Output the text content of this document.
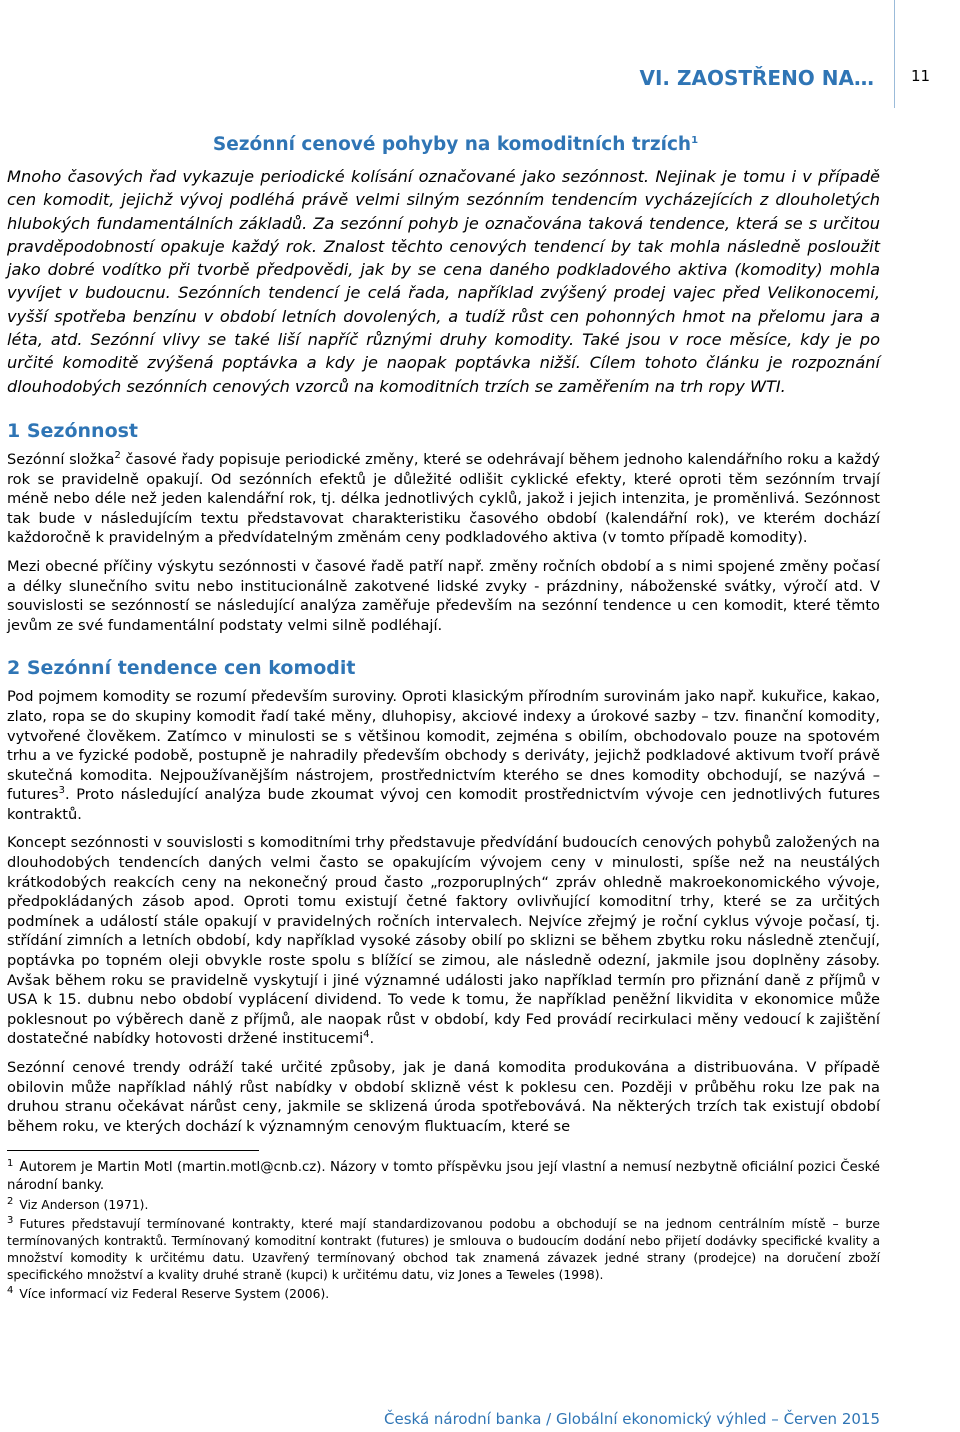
VI. ZAOSTŘENO NA… 11
Sezónní cenové pohyby na komoditních trzích$^1$

Mnoho časových řad vykazuje periodické kolísání označované jako sezónnost. Nejinak je tomu i v případě cen komodit, jejichž vývoj podléhá právě velmi silným sezónním tendencím vycházejících z dlouholetých hlubokých fundamentálních základů. Za sezónní pohyb je označována taková tendence, která se s určitou pravděpodobností opakuje každý rok. Znalost těchto cenových tendencí by tak mohla následně posloužit jako dobré vodítko při tvorbě předpovědi, jak by se cena daného podkladového aktiva (komodity) mohla vyvíjet v budoucnu. Sezónních tendencí je celá řada, například zvýšený prodej vajec před Velikonocemi, vyšší spotřeba benzínu v období letních dovolených, a tudíž růst cen pohonných hmot na přelomu jara a léta, atd. Sezónní vlivy se také liší napříč různými druhy komodity. Také jsou v roce měsíce, kdy je po určité komoditě zvýšená poptávka a kdy je naopak poptávka nižší. Cílem tohoto článku je rozpoznání dlouhodobých sezónních cenových vzorců na komoditních trzích se zaměřením na trh ropy WTI.

1 Sezónnost

Sezónní složka$^2$ časové řady popisuje periodické změny, které se odehrávají během jednoho kalendářního roku a každý rok se pravidelně opakují. Od sezónních efektů je důležité odlišit cyklické efekty, které oproti těm sezónním trvají méně nebo déle než jeden kalendářní rok, tj. délka jednotlivých cyklů, jakož i jejich intenzita, je proměnlivá. Sezónnost tak bude v následujícím textu představovat charakteristiku časového období (kalendářní rok), ve kterém dochází každoročně k pravidelným a předvídatelným změnám ceny podkladového aktiva (v tomto případě komodity).

Mezi obecné příčiny výskytu sezónnosti v časové řadě patří např. změny ročních období a s nimi spojené změny počasí a délky slunečního svitu nebo institucionálně zakotvené lidské zvyky - prázdniny, náboženské svátky, výročí atd. V souvislosti se sezónností se následující analýza zaměřuje především na sezónní tendence u cen komodit, které těmto jevům ze své fundamentální podstaty velmi silně podléhají.

2 Sezónní tendence cen komodit

Pod pojmem komodity se rozumí především suroviny. Oproti klasickým přírodním surovinám jako např. kukuřice, kakao, zlato, ropa se do skupiny komodit řadí také měny, dluhopisy, akciové indexy a úrokové sazby – tzv. finanční komodity, vytvořené člověkem. Zatímco v minulosti se s většinou komodit, zejména s obilím, obchodovalo pouze na spotovém trhu a ve fyzické podobě, postupně je nahradily především obchody s deriváty, jejichž podkladové aktivum tvoří právě skutečná komodita. Nejpoužívanějším nástrojem, prostřednictvím kterého se dnes komodity obchodují, se nazývá – futures$^3$. Proto následující analýza bude zkoumat vývoj cen komodit prostřednictvím vývoje cen jednotlivých futures kontraktů.

Koncept sezónnosti v souvislosti s komoditními trhy představuje předvídání budoucích cenových pohybů založených na dlouhodobých tendencích daných velmi často se opakujícím vývojem ceny v minulosti, spíše než na neustálých krátkodobých reakcích ceny na nekonečný proud často „rozporuplných“ zpráv ohledně makroekonomického vývoje, předpokládaných zásob apod. Oproti tomu existují četné faktory ovlivňující komoditní trhy, které se za určitých podmínek a událostí stále opakují v pravidelných ročních intervalech. Nejvíce zřejmý je roční cyklus vývoje počasí, tj. střídání zimních a letních období, kdy například vysoké zásoby obilí po sklizni se během zbytku roku následně ztenčují, poptávka po topném oleji obvykle roste spolu s blížící se zimou, ale následně odezní, jakmile jsou doplněny zásoby. Avšak během roku se pravidelně vyskytují i jiné významné události jako například termín pro přiznání daně z příjmů v USA k 15. dubnu nebo období vyplácení dividend. To vede k tomu, že například peněžní likvidita v ekonomice může poklesnout po výběrech daně z příjmů, ale naopak růst v období, kdy Fed provádí recirkulaci měny vedoucí k zajištění dostatečné nabídky hotovosti držené institucemi$^4$.

Sezónní cenové trendy odráží také určité způsoby, jak je daná komodita produkována a distribuována. V případě obilovin může například náhlý růst nabídky v období sklizně vést k poklesu cen. Později v průběhu roku lze pak na druhou stranu očekávat nárůst ceny, jakmile se sklizená úroda spotřebovává. Na některých trzích tak existují období během roku, ve kterých dochází k významným cenovým fluktuacím, které se

$^1$ Autorem je Martin Motl (martin.motl@cnb.cz). Názory v tomto příspěvku jsou její vlastní a nemusí nezbytně oficiální pozici České národní banky.

$^2$ Viz Anderson (1971).

$^3$ Futures představují termínované kontrakty, které mají standardizovanou podobu a obchodují se na jednom centrálním místě – burze termínovaných kontraktů. Termínovaný komoditní kontrakt (futures) je smlouva o budoucím dodání nebo přijetí dodávky specifické kvality a množství komodity k určitému datu. Uzavřený termínovaný obchod tak znamená závazek jedné strany (prodejce) na doručení zboží specifického množství a kvality druhé straně (kupci) k určitému datu, viz Jones a Teweles (1998).

$^4$ Více informací viz Federal Reserve System (2006).

Česká národní banka / Globální ekonomický výhled – Červen 2015
